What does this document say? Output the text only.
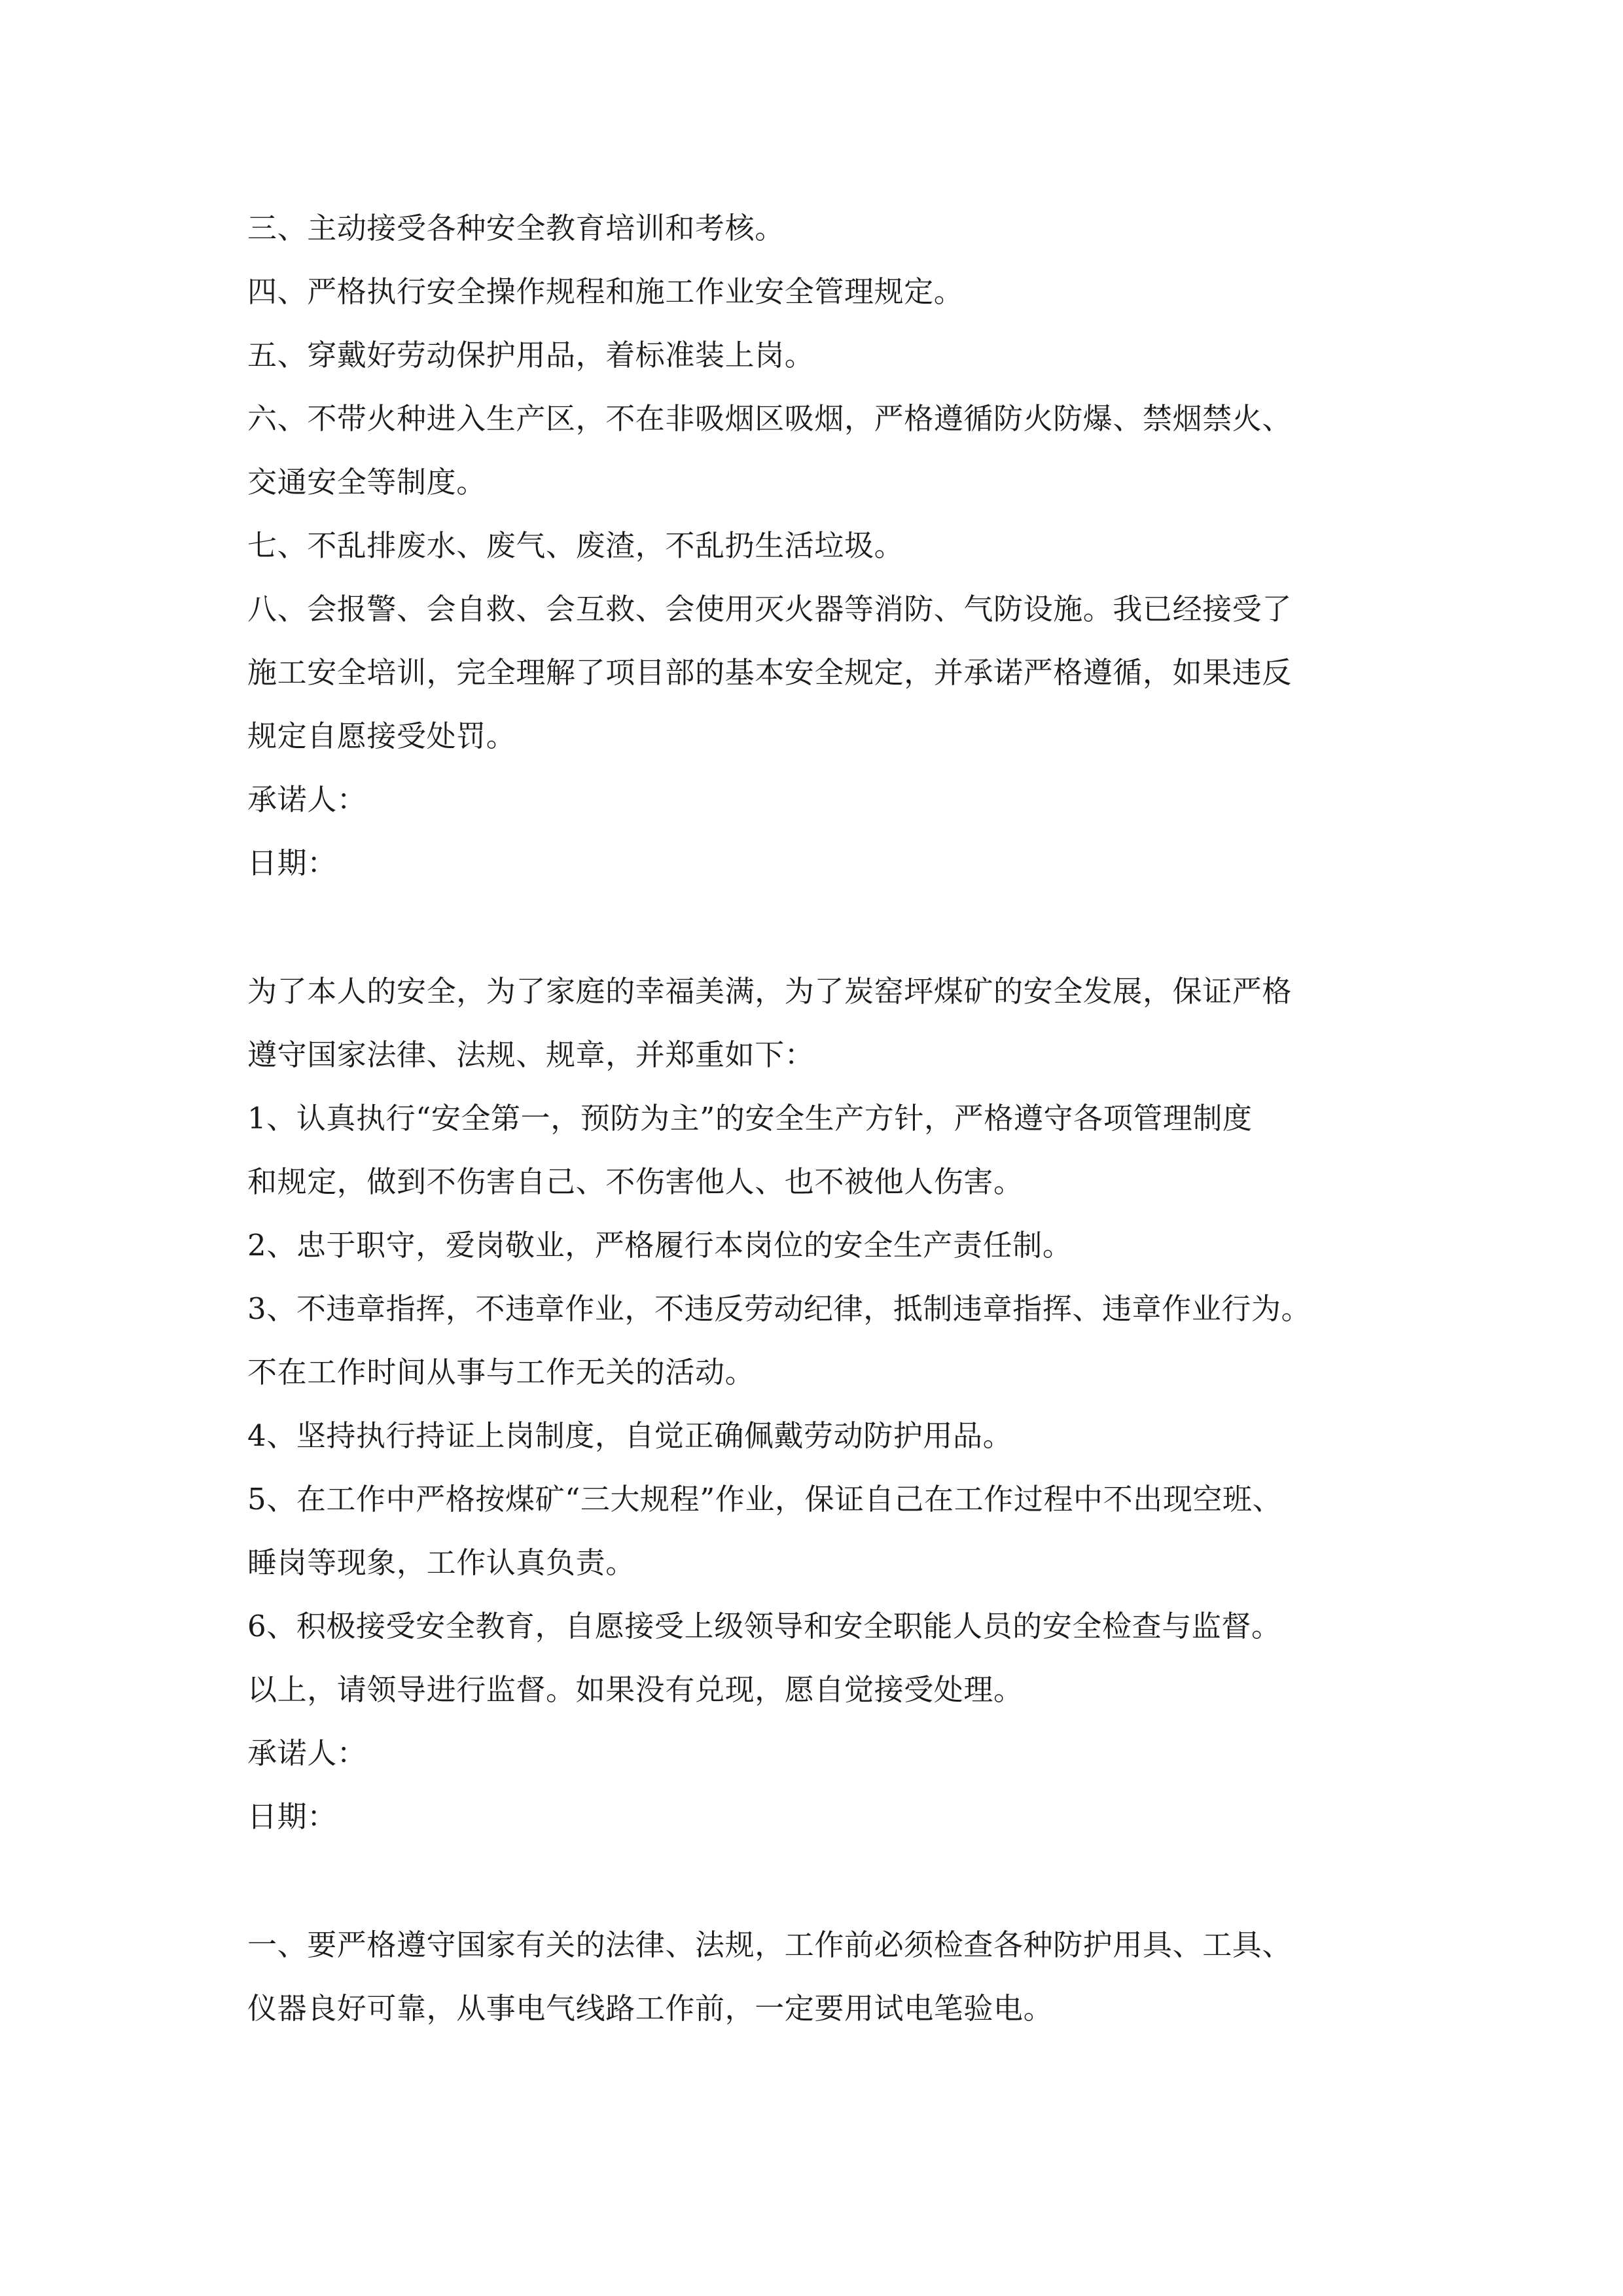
三、主动接受各种安全教育培训和考核。
四、严格执行安全操作规程和施工作业安全管理规定。
五、穿戴好劳动保护用品，着标准装上岗。
六、不带火种进入生产区，不在非吸烟区吸烟，严格遵循防火防爆、禁烟禁火、
交通安全等制度。
七、不乱排废水、废气、废渣，不乱扔生活垃圾。
八、会报警、会自救、会互救、会使用灭火器等消防、气防设施。我已经接受了
施工安全培训，完全理解了项目部的基本安全规定，并承诺严格遵循，如果违反
规定自愿接受处罚。
承诺人：
日期：
为了本人的安全，为了家庭的幸福美满，为了炭窑坪煤矿的安全发展，保证严格
遵守国家法律、法规、规章，并郑重如下：
1、认真执行“安全第一，预防为主”的安全生产方针，严格遵守各项管理制度
和规定，做到不伤害自己、不伤害他人、也不被他人伤害。
2、忠于职守，爱岗敬业，严格履行本岗位的安全生产责任制。
3、不违章指挥，不违章作业，不违反劳动纪律，抵制违章指挥、违章作业行为。
不在工作时间从事与工作无关的活动。
4、坚持执行持证上岗制度，自觉正确佩戴劳动防护用品。
5、在工作中严格按煤矿“三大规程”作业，保证自己在工作过程中不出现空班、
睡岗等现象，工作认真负责。
6、积极接受安全教育，自愿接受上级领导和安全职能人员的安全检查与监督。
以上，请领导进行监督。如果没有兑现，愿自觉接受处理。
承诺人：
日期：
一、要严格遵守国家有关的法律、法规，工作前必须检查各种防护用具、工具、
仪器良好可靠，从事电气线路工作前，一定要用试电笔验电。
